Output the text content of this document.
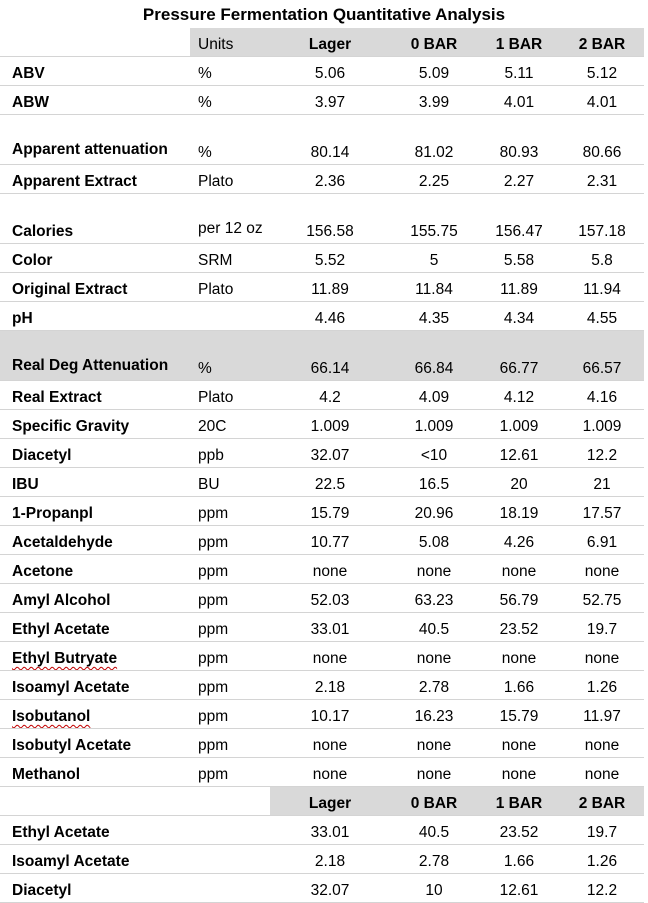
Pressure Fermentation Quantitative Analysis
	Units	Lager	0 BAR	1 BAR	2 BAR
ABV	%	5.06	5.09	5.11	5.12
ABW	%	3.97	3.99	4.01	4.01
Apparent attenuation	%	80.14	81.02	80.93	80.66
Apparent Extract	Plato	2.36	2.25	2.27	2.31
Calories	per 12 oz	156.58	155.75	156.47	157.18
Color	SRM	5.52	5	5.58	5.8
Original Extract	Plato	11.89	11.84	11.89	11.94
pH		4.46	4.35	4.34	4.55
Real Deg Attenuation	%	66.14	66.84	66.77	66.57
Real Extract	Plato	4.2	4.09	4.12	4.16
Specific Gravity	20C	1.009	1.009	1.009	1.009
Diacetyl	ppb	32.07	<10	12.61	12.2
IBU	BU	22.5	16.5	20	21
1-Propanpl	ppm	15.79	20.96	18.19	17.57
Acetaldehyde	ppm	10.77	5.08	4.26	6.91
Acetone	ppm	none	none	none	none
Amyl Alcohol	ppm	52.03	63.23	56.79	52.75
Ethyl Acetate	ppm	33.01	40.5	23.52	19.7
Ethyl Butryate	ppm	none	none	none	none
Isoamyl Acetate	ppm	2.18	2.78	1.66	1.26
Isobutanol	ppm	10.17	16.23	15.79	11.97
Isobutyl Acetate	ppm	none	none	none	none
Methanol	ppm	none	none	none	none
		Lager	0 BAR	1 BAR	2 BAR
Ethyl Acetate		33.01	40.5	23.52	19.7
Isoamyl Acetate		2.18	2.78	1.66	1.26
Diacetyl		32.07	10	12.61	12.2
